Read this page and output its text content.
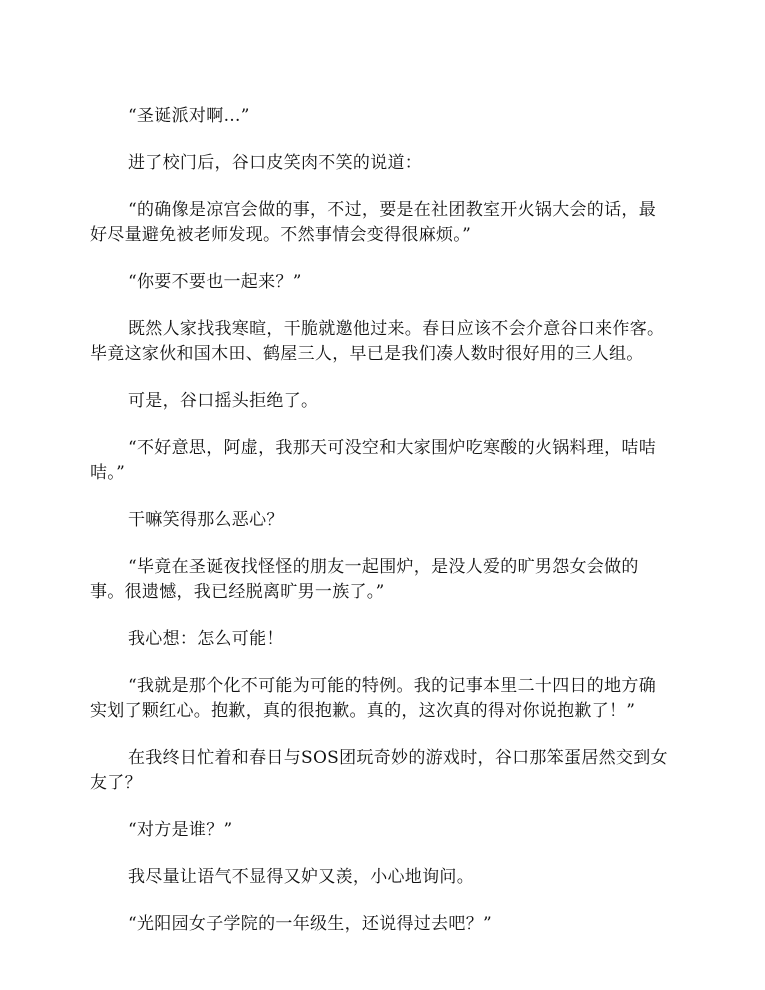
“圣诞派对啊…”

进了校门后，谷口皮笑肉不笑的说道：

“的确像是凉宫会做的事，不过，要是在社团教室开火锅大会的话，最好尽量避免被老师发现。不然事情会变得很麻烦。”

“你要不要也一起来？”

既然人家找我寒暄，干脆就邀他过来。春日应该不会介意谷口来作客。毕竟这家伙和国木田、鹤屋三人，早已是我们凑人数时很好用的三人组。

可是，谷口摇头拒绝了。

“不好意思，阿虚，我那天可没空和大家围炉吃寒酸的火锅料理，咭咭咭。”

干嘛笑得那么恶心？

“毕竟在圣诞夜找怪怪的朋友一起围炉，是没人爱的旷男怨女会做的事。很遗憾，我已经脱离旷男一族了。”

我心想：怎么可能！

“我就是那个化不可能为可能的特例。我的记事本里二十四日的地方确实划了颗红心。抱歉，真的很抱歉。真的，这次真的得对你说抱歉了！”

在我终日忙着和春日与SOS团玩奇妙的游戏时，谷口那笨蛋居然交到女友了？

“对方是谁？”

我尽量让语气不显得又妒又羡，小心地询问。

“光阳园女子学院的一年级生，还说得过去吧？”
